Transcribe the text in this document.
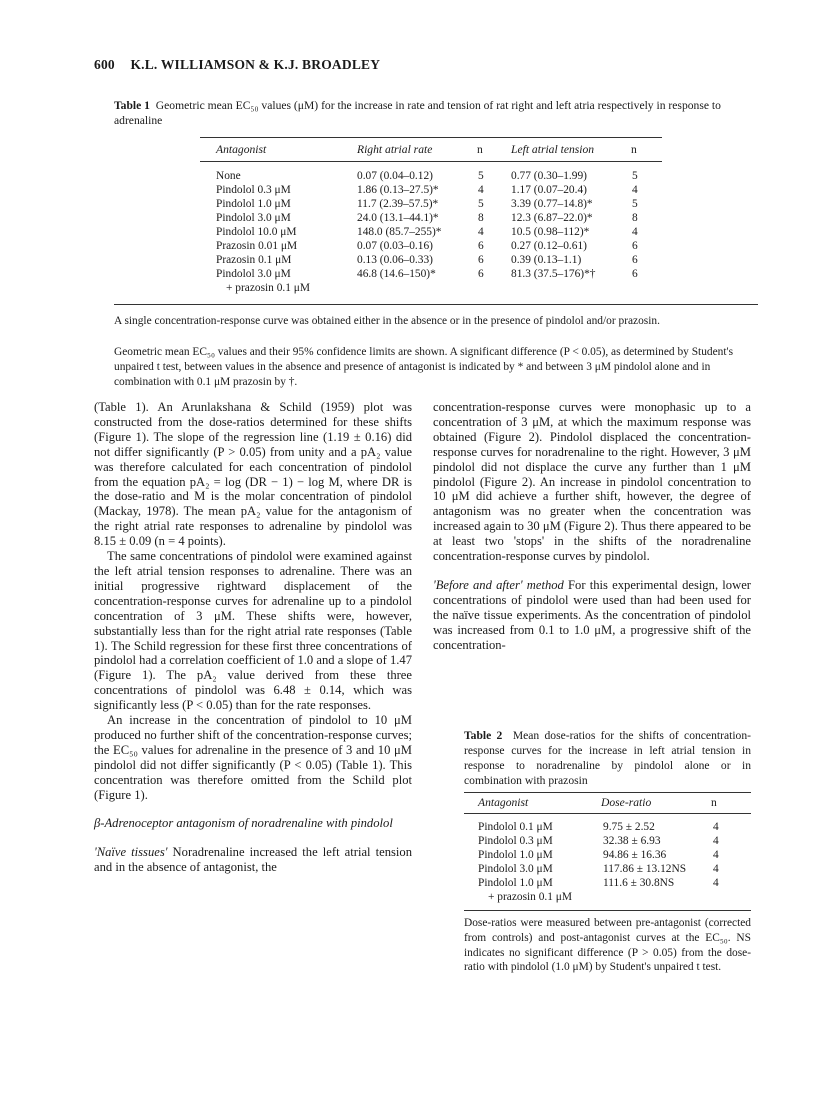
600 K.L. WILLIAMSON & K.J. BROADLEY
Table 1 Geometric mean EC₅₀ values (μM) for the increase in rate and tension of rat right and left atria respectively in response to adrenaline
Antagonist	Right atrial rate	n Left atrial tension	n
None	0.07 (0.04–0.12)	5 0.77 (0.30–1.99)	5
Pindolol 0.3 μM	1.86 (0.13–27.5)*	4 1.17 (0.07–20.4)	4
Pindolol 1.0 μM	11.7 (2.39–57.5)*	5 3.39 (0.77–14.8)*	5
Pindolol 3.0 μM	24.0 (13.1–44.1)*	8 12.3 (6.87–22.0)*	8
Pindolol 10.0 μM	148.0 (85.7–255)*	4 10.5 (0.98–112)*	4
Prazosin 0.01 μM	0.07 (0.03–0.16)	6 0.27 (0.12–0.61)	6
Prazosin 0.1 μM	0.13 (0.06–0.33)	6 0.39 (0.13–1.1)	6
Pindolol 3.0 μM	46.8 (14.6–150)*	6 81.3 (37.5–176)*†	6
+ prazosin 0.1 μM
A single concentration-response curve was obtained either in the absence or in the presence of pindolol and/or prazosin.
Geometric mean EC₅₀ values and their 95% confidence limits are shown. A significant difference (P < 0.05), as determined by Student's unpaired t test, between values in the absence and presence of antagonist is indicated by * and between 3 μM pindolol alone and in combination with 0.1 μM prazosin by †.

(Table 1). An Arunlakshana & Schild (1959) plot was constructed from the dose-ratios determined for these shifts (Figure 1). The slope of the regression line (1.19 ± 0.16) did not differ significantly (P > 0.05) from unity and a pA₂ value was therefore calculated for each concentration of pindolol from the equation pA₂ = log (DR − 1) − log M, where DR is the dose-ratio and M is the molar concentration of pindolol (Mackay, 1978). The mean pA₂ value for the antagonism of the right atrial rate responses to adrenaline by pindolol was 8.15 ± 0.09 (n = 4 points).

The same concentrations of pindolol were examined against the left atrial tension responses to adrenaline. There was an initial progressive rightward displacement of the concentration-response curves for adrenaline up to a pindolol concentration of 3 μM. These shifts were, however, substantially less than for the right atrial rate responses (Table 1). The Schild regression for these first three concentrations of pindolol had a correlation coefficient of 1.0 and a slope of 1.47 (Figure 1). The pA₂ value derived from these three concentrations of pindolol was 6.48 ± 0.14, which was significantly less (P < 0.05) than for the rate responses.

An increase in the concentration of pindolol to 10 μM produced no further shift of the concentration-response curves; the EC₅₀ values for adrenaline in the presence of 3 and 10 μM pindolol did not differ significantly (P < 0.05) (Table 1). This concentration was therefore omitted from the Schild plot (Figure 1).

β-Adrenoceptor antagonism of noradrenaline with pindolol

'Naïve tissues' Noradrenaline increased the left atrial tension and in the absence of antagonist, the

concentration-response curves were monophasic up to a concentration of 3 μM, at which the maximum response was obtained (Figure 2). Pindolol displaced the concentration-response curves for noradrenaline to the right. However, 3 μM pindolol did not displace the curve any further than 1 μM pindolol (Figure 2). An increase in pindolol concentration to 10 μM did achieve a further shift, however, the degree of antagonism was no greater when the concentration was increased again to 30 μM (Figure 2). Thus there appeared to be at least two 'stops' in the shifts of the noradrenaline concentration-response curves by pindolol.

'Before and after' method For this experimental design, lower concentrations of pindolol were used than had been used for the naïve tissue experiments. As the concentration of pindolol was increased from 0.1 to 1.0 μM, a progressive shift of the concentration-

Table 2 Mean dose-ratios for the shifts of concentration-response curves for the increase in left atrial tension in response to noradrenaline by pindolol alone or in combination with prazosin
Antagonist	Dose-ratio	n
Pindolol 0.1 μM	9.75 ± 2.52	4
Pindolol 0.3 μM	32.38 ± 6.93	4
Pindolol 1.0 μM	94.86 ± 16.36	4
Pindolol 3.0 μM	117.86 ± 13.12NS 4
Pindolol 1.0 μM	111.6 ± 30.8NS	4
+ prazosin 0.1 μM
Dose-ratios were measured between pre-antagonist (corrected from controls) and post-antagonist curves at the EC₅₀. NS indicates no significant difference (P > 0.05) from the dose-ratio with pindolol (1.0 μM) by Student's unpaired t test.
